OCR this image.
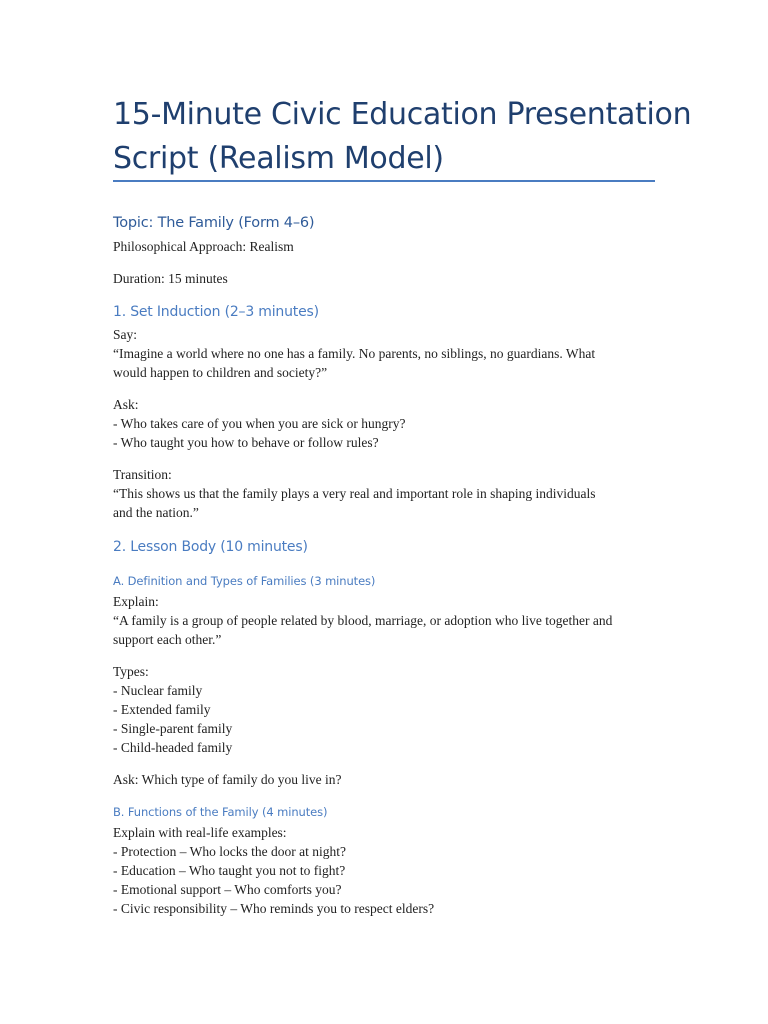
15-Minute Civic Education Presentation
Script (Realism Model)
Topic: The Family (Form 4–6)
Philosophical Approach: Realism
Duration: 15 minutes
1. Set Induction (2–3 minutes)
Say:
“Imagine a world where no one has a family. No parents, no siblings, no guardians. What
would happen to children and society?”
Ask:
- Who takes care of you when you are sick or hungry?
- Who taught you how to behave or follow rules?
Transition:
“This shows us that the family plays a very real and important role in shaping individuals
and the nation.”
2. Lesson Body (10 minutes)
A. Definition and Types of Families (3 minutes)
Explain:
“A family is a group of people related by blood, marriage, or adoption who live together and
support each other.”
Types:
- Nuclear family
- Extended family
- Single-parent family
- Child-headed family
Ask: Which type of family do you live in?
B. Functions of the Family (4 minutes)
Explain with real-life examples:
- Protection – Who locks the door at night?
- Education – Who taught you not to fight?
- Emotional support – Who comforts you?
- Civic responsibility – Who reminds you to respect elders?
